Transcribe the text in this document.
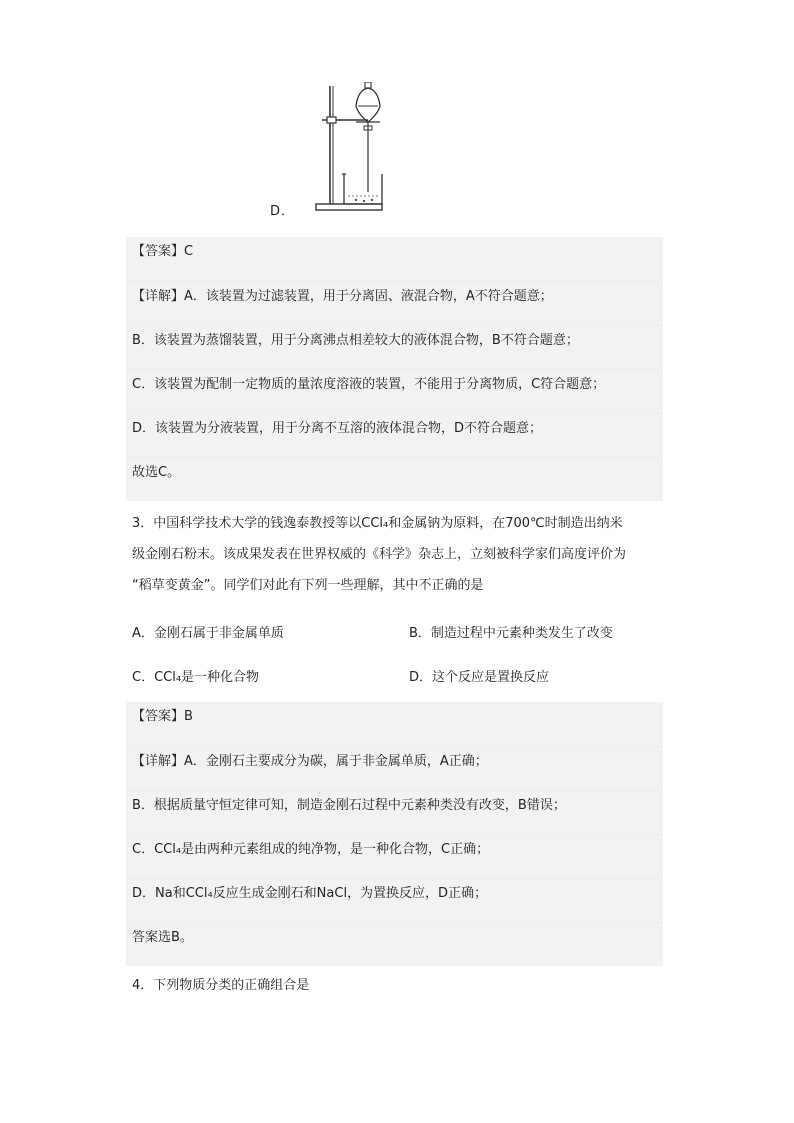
D．
【答案】C
【详解】A．该装置为过滤装置，用于分离固、液混合物，A不符合题意；
B．该装置为蒸馏装置，用于分离沸点相差较大的液体混合物，B不符合题意；
C．该装置为配制一定物质的量浓度溶液的装置，不能用于分离物质，C符合题意；
D．该装置为分液装置，用于分离不互溶的液体混合物，D不符合题意；
故选C。
3．中国科学技术大学的钱逸泰教授等以CCl₄和金属钠为原料，在700℃时制造出纳米
级金刚石粉末。该成果发表在世界权威的《科学》杂志上，立刻被科学家们高度评价为
“稻草变黄金”。同学们对此有下列一些理解，其中不正确的是
A．金刚石属于非金属单质	B．制造过程中元素种类发生了改变
C．CCl₄是一种化合物	D．这个反应是置换反应
【答案】B
【详解】A．金刚石主要成分为碳，属于非金属单质，A正确；
B．根据质量守恒定律可知，制造金刚石过程中元素种类没有改变，B错误；
C．CCl₄是由两种元素组成的纯净物，是一种化合物，C正确；
D．Na和CCl₄反应生成金刚石和NaCl，为置换反应，D正确；
答案选B。
4．下列物质分类的正确组合是
